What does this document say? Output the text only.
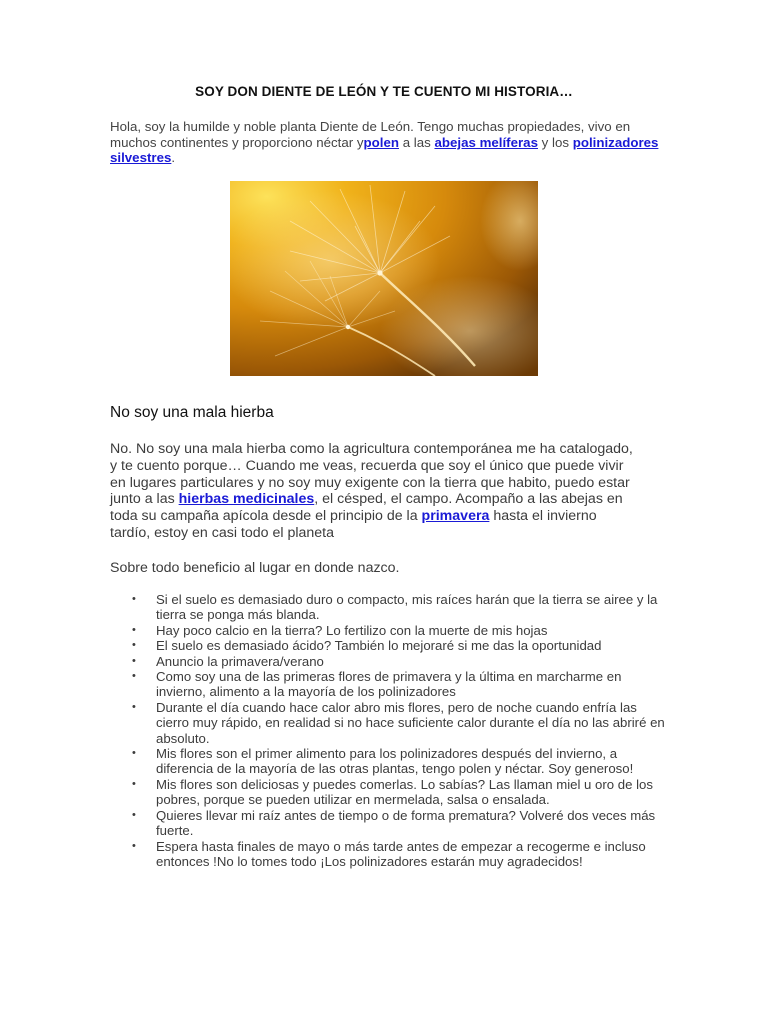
SOY DON DIENTE DE LEÓN Y TE CUENTO MI HISTORIA…
Hola, soy la humilde y noble planta Diente de León. Tengo muchas propiedades, vivo en muchos continentes y proporciono néctar ypolen a las abejas melíferas y los polinizadores silvestres.
No soy una mala hierba
No. No soy una mala hierba como la agricultura contemporánea me ha catalogado, y te cuento porque… Cuando me veas, recuerda que soy el único que puede vivir en lugares particulares y no soy muy exigente con la tierra que habito, puedo estar junto a las hierbas medicinales, el césped, el campo. Acompaño a las abejas en toda su campaña apícola desde el principio de la primavera hasta el invierno tardío, estoy en casi todo el planeta
Sobre todo beneficio al lugar en donde nazco.
• Si el suelo es demasiado duro o compacto, mis raíces harán que la tierra se airee y la tierra se ponga más blanda.
• Hay poco calcio en la tierra? Lo fertilizo con la muerte de mis hojas
• El suelo es demasiado ácido? También lo mejoraré si me das la oportunidad
• Anuncio la primavera/verano
• Como soy una de las primeras flores de primavera y la última en marcharme en invierno, alimento a la mayoría de los polinizadores
• Durante el día cuando hace calor abro mis flores, pero de noche cuando enfría las cierro muy rápido, en realidad si no hace suficiente calor durante el día no las abriré en absoluto.
• Mis flores son el primer alimento para los polinizadores después del invierno, a diferencia de la mayoría de las otras plantas, tengo polen y néctar. Soy generoso!
• Mis flores son deliciosas y puedes comerlas. Lo sabías? Las llaman miel u oro de los pobres, porque se pueden utilizar en mermelada, salsa o ensalada.
• Quieres llevar mi raíz antes de tiempo o de forma prematura? Volveré dos veces más fuerte.
• Espera hasta finales de mayo o más tarde antes de empezar a recogerme e incluso entonces !No lo tomes todo ¡Los polinizadores estarán muy agradecidos!
